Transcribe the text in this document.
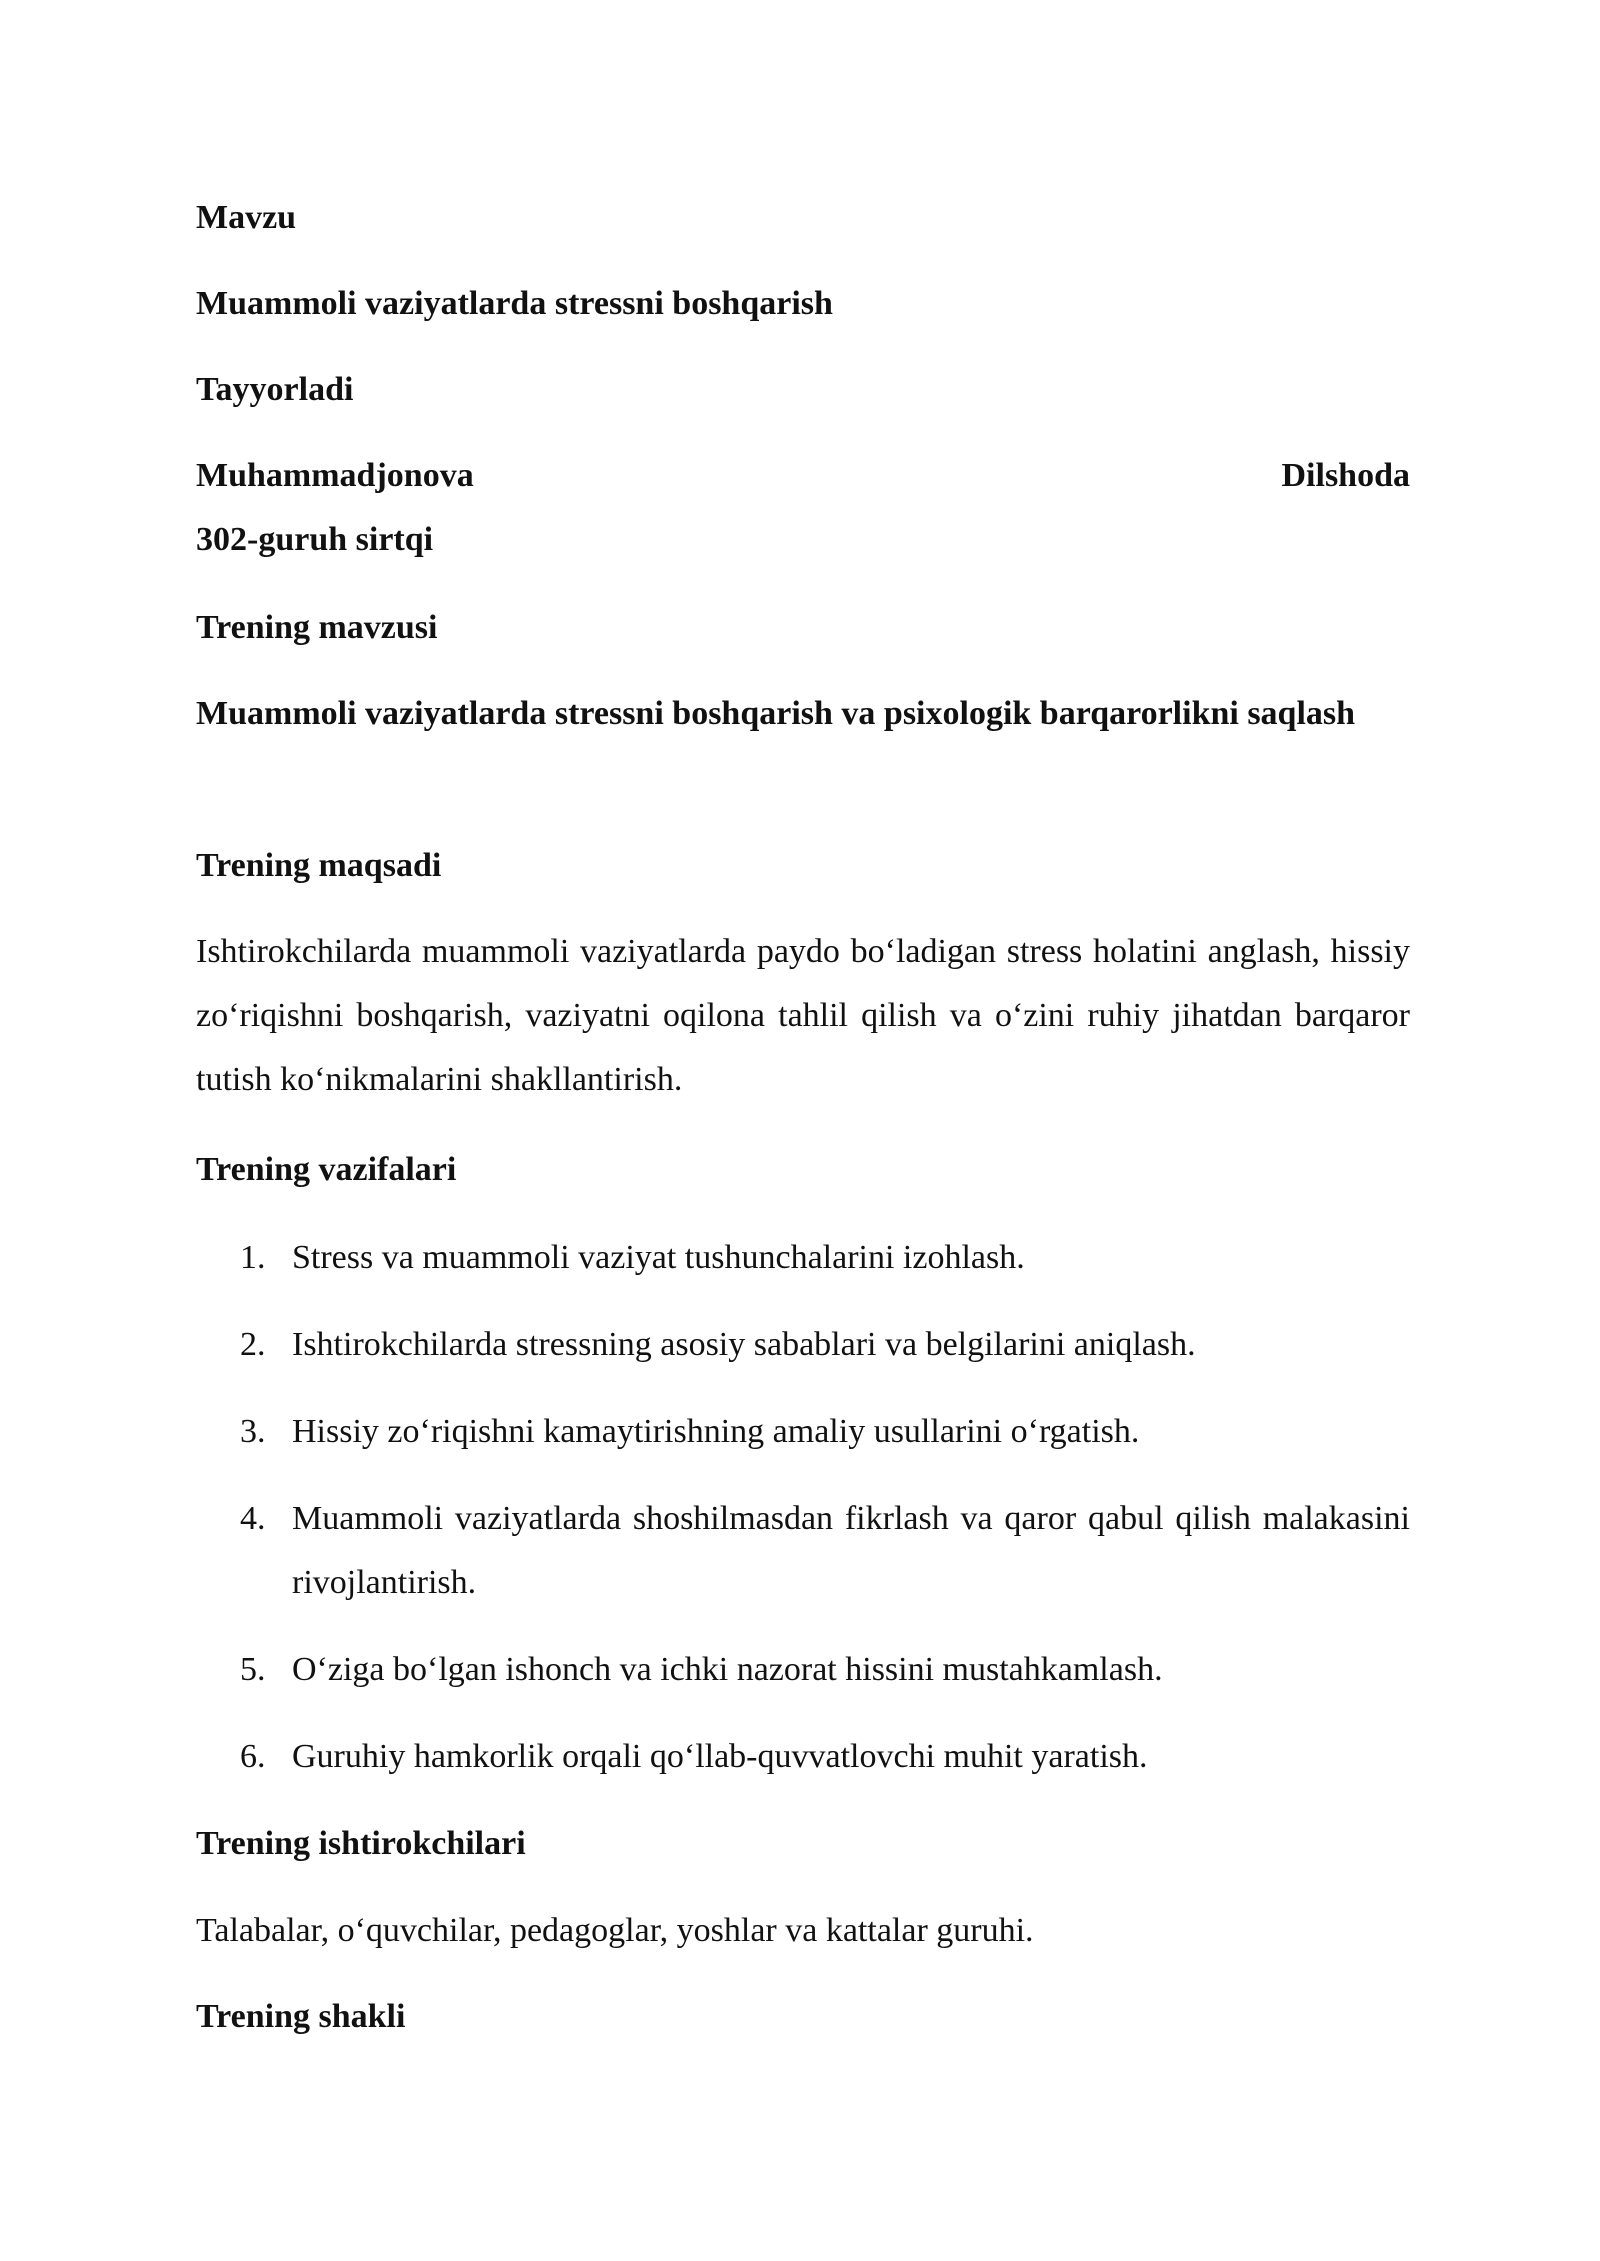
Mavzu
Muammoli vaziyatlarda stressni boshqarish
Tayyorladi
Muhammadjonova	Dilshoda
302-guruh sirtqi
Trening mavzusi
Muammoli vaziyatlarda stressni boshqarish va psixologik barqarorlikni saqlash
Trening maqsadi
Ishtirokchilarda muammoli vaziyatlarda paydo bo‘ladigan stress holatini anglash, hissiy zo‘riqishni boshqarish, vaziyatni oqilona tahlil qilish va o‘zini ruhiy jihatdan barqaror tutish ko‘nikmalarini shakllantirish.
Trening vazifalari
1. Stress va muammoli vaziyat tushunchalarini izohlash.
2. Ishtirokchilarda stressning asosiy sabablari va belgilarini aniqlash.
3. Hissiy zo‘riqishni kamaytirishning amaliy usullarini o‘rgatish.
4. Muammoli vaziyatlarda shoshilmasdan fikrlash va qaror qabul qilish malakasini rivojlantirish.
5. O‘ziga bo‘lgan ishonch va ichki nazorat hissini mustahkamlash.
6. Guruhiy hamkorlik orqali qo‘llab-quvvatlovchi muhit yaratish.
Trening ishtirokchilari
Talabalar, o‘quvchilar, pedagoglar, yoshlar va kattalar guruhi.
Trening shakli
